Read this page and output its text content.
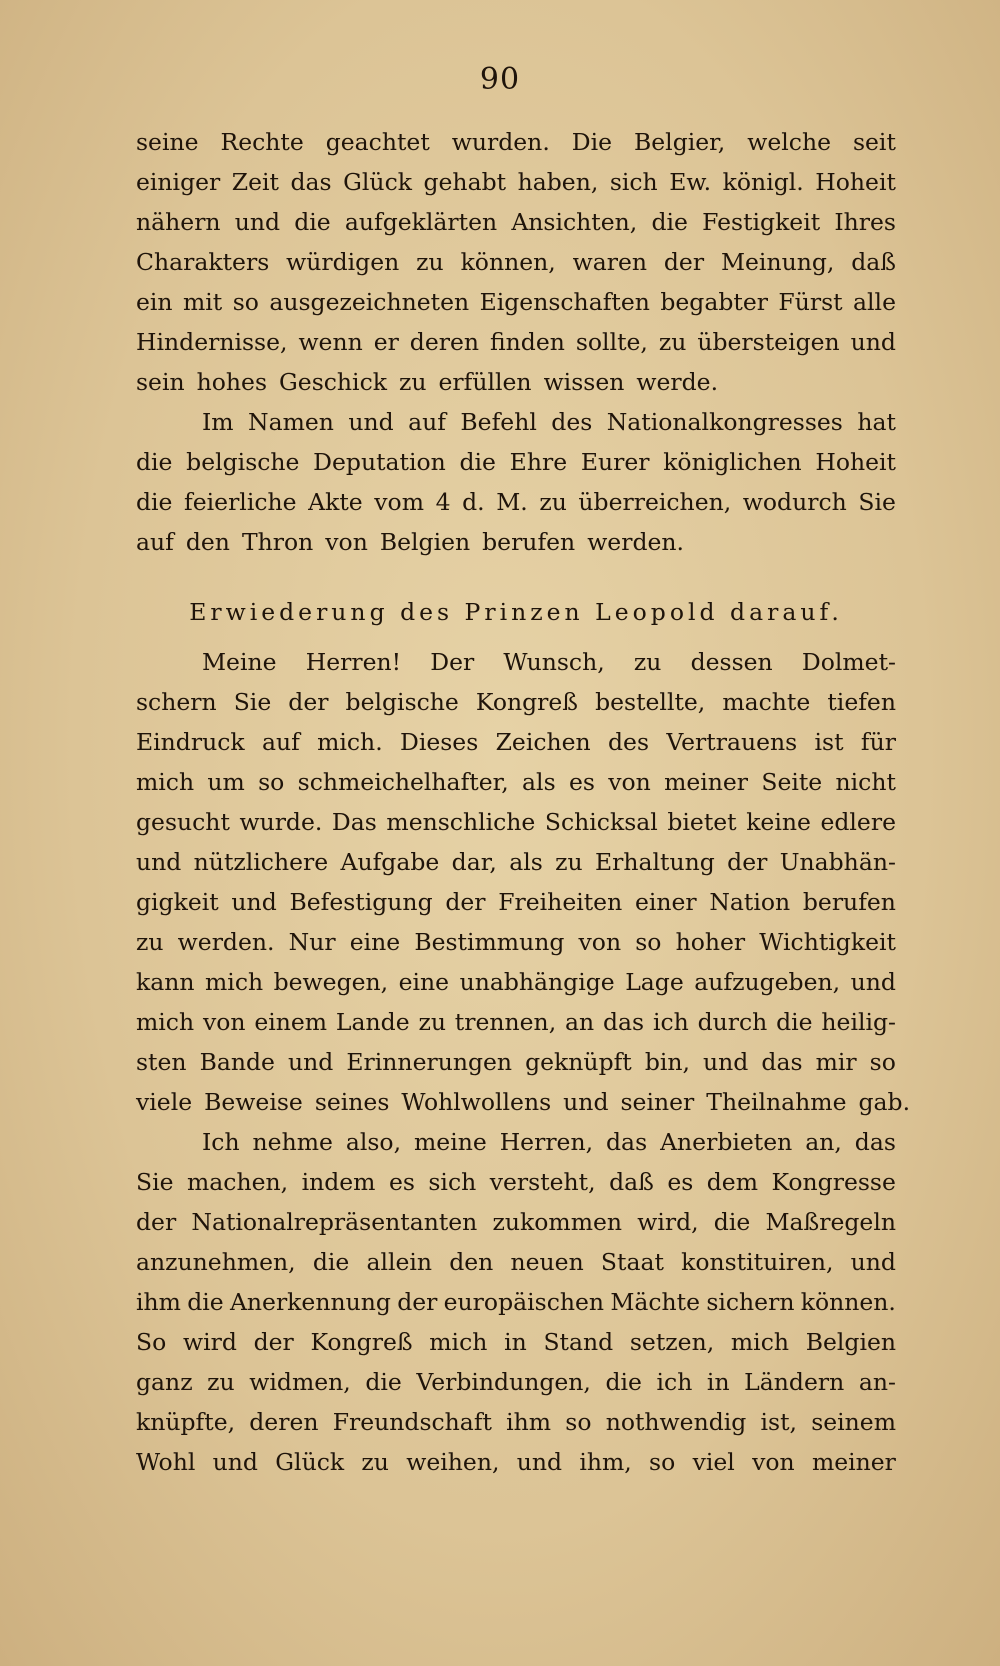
90
seine Rechte geachtet wurden. Die Belgier, welche seit
einiger Zeit das Glück gehabt haben, sich Ew. königl. Hoheit
nähern und die aufgeklärten Ansichten, die Festigkeit Ihres
Charakters würdigen zu können, waren der Meinung, daß
ein mit so ausgezeichneten Eigenschaften begabter Fürst alle
Hindernisse, wenn er deren finden sollte, zu übersteigen und
sein hohes Geschick zu erfüllen wissen werde.
Im Namen und auf Befehl des Nationalkongresses hat
die belgische Deputation die Ehre Eurer königlichen Hoheit
die feierliche Akte vom 4 d. M. zu überreichen, wodurch Sie
auf den Thron von Belgien berufen werden.
Erwiederung des Prinzen Leopold darauf.
Meine Herren! Der Wunsch, zu dessen Dolmet-
schern Sie der belgische Kongreß bestellte, machte tiefen
Eindruck auf mich. Dieses Zeichen des Vertrauens ist für
mich um so schmeichelhafter, als es von meiner Seite nicht
gesucht wurde. Das menschliche Schicksal bietet keine edlere
und nützlichere Aufgabe dar, als zu Erhaltung der Unabhän-
gigkeit und Befestigung der Freiheiten einer Nation berufen
zu werden. Nur eine Bestimmung von so hoher Wichtigkeit
kann mich bewegen, eine unabhängige Lage aufzugeben, und
mich von einem Lande zu trennen, an das ich durch die heilig-
sten Bande und Erinnerungen geknüpft bin, und das mir so
viele Beweise seines Wohlwollens und seiner Theilnahme gab.
Ich nehme also, meine Herren, das Anerbieten an, das
Sie machen, indem es sich versteht, daß es dem Kongresse
der Nationalrepräsentanten zukommen wird, die Maßregeln
anzunehmen, die allein den neuen Staat konstituiren, und
ihm die Anerkennung der europäischen Mächte sichern können.
So wird der Kongreß mich in Stand setzen, mich Belgien
ganz zu widmen, die Verbindungen, die ich in Ländern an-
knüpfte, deren Freundschaft ihm so nothwendig ist, seinem
Wohl und Glück zu weihen, und ihm, so viel von meiner
